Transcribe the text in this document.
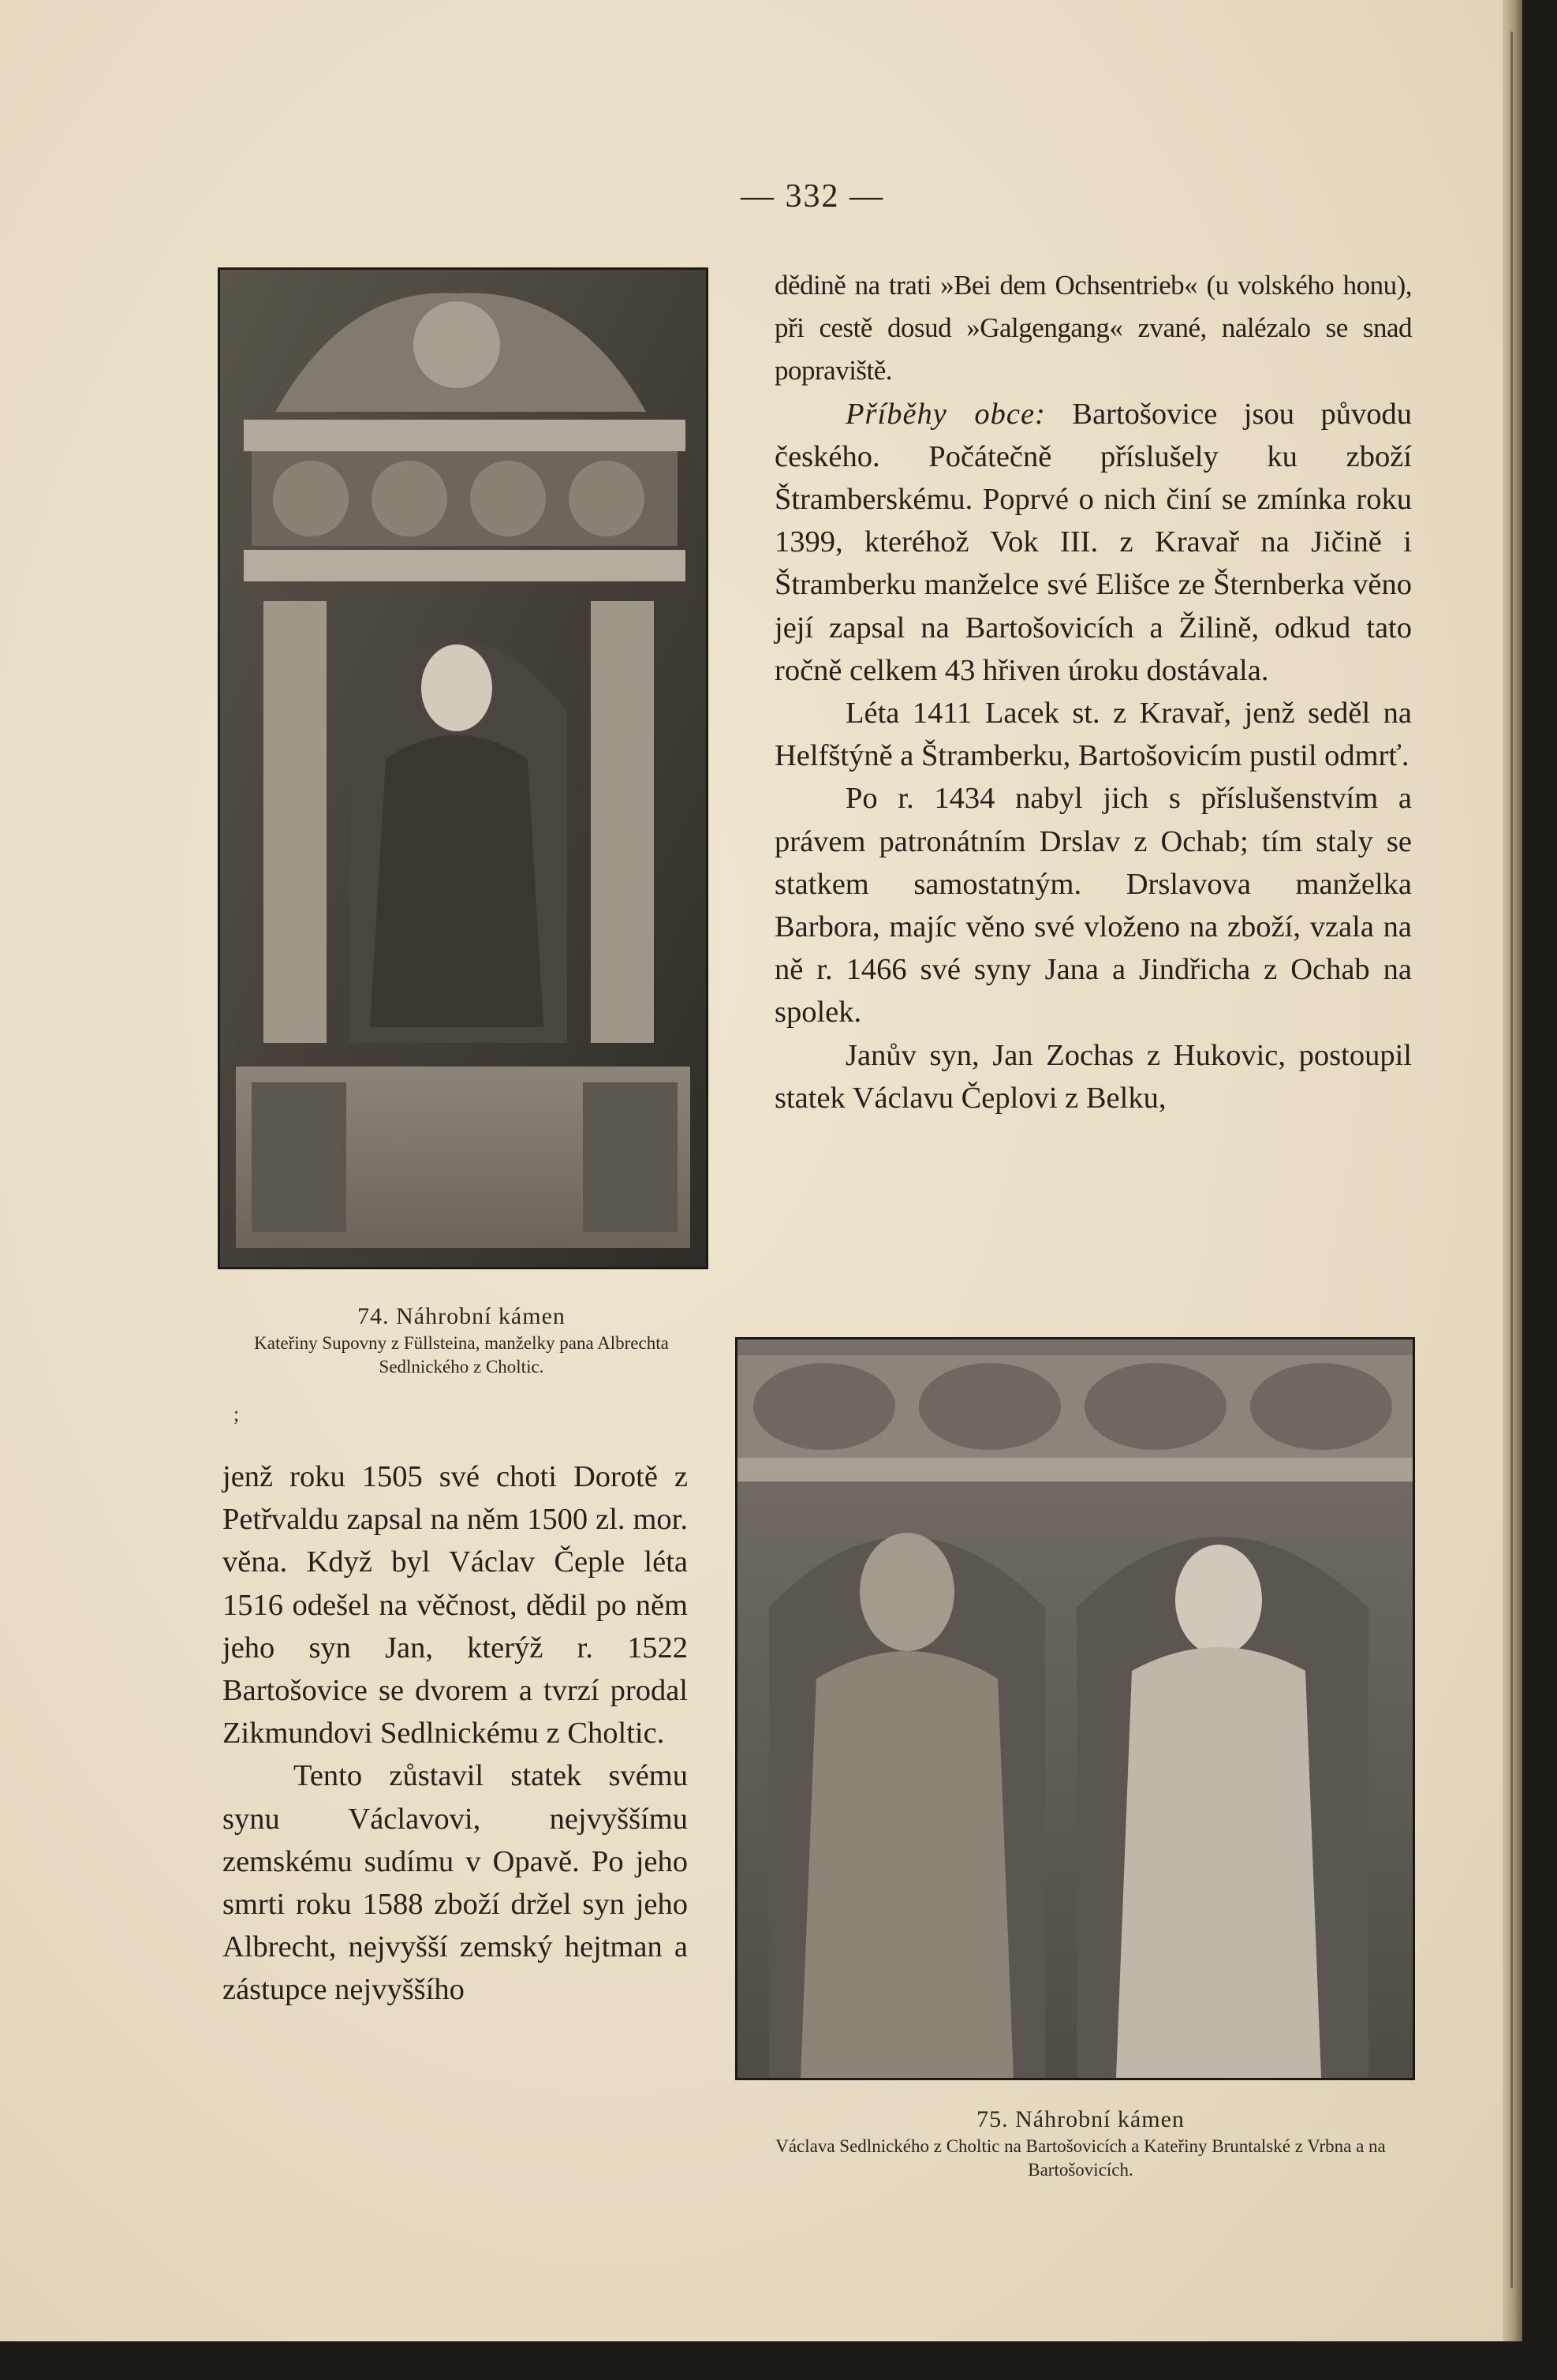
— 332 —
74. Náhrobní kámen
Kateřiny Supovny z Füllsteina, manželky pana Albrechta Sedlnického z Choltic.
;

dědině na trati »Bei dem Ochsentrieb« (u volského honu), při cestě dosud »Galgengang« zvané, nalézalo se snad popraviště.

Příběhy obce: Bartošovice jsou původu českého. Počátečně příslušely ku zboží Štramberskému. Poprvé o nich činí se zmínka roku 1399, kteréhož Vok III. z Kravař na Jičině i Štramberku manželce své Elišce ze Šternberka věno její zapsal na Bartošovicích a Žilině, odkud tato ročně celkem 43 hřiven úroku dostávala.

Léta 1411 Lacek st. z Kravař, jenž seděl na Helfštýně a Štramberku, Bartošovicím pustil odmrť.

Po r. 1434 nabyl jich s příslušenstvím a právem patronátním Drslav z Ochab; tím staly se statkem samostatným. Drslavova manželka Barbora, majíc věno své vloženo na zboží, vzala na ně r. 1466 své syny Jana a Jindřicha z Ochab na spolek.

Janův syn, Jan Zochas z Hukovic, postoupil statek Václavu Čeplovi z Belku,

75. Náhrobní kámen
Václava Sedlnického z Choltic na Bartošovicích a Kateřiny Bruntalské z Vrbna a na Bartošovicích.

jenž roku 1505 své choti Dorotě z Petřvaldu zapsal na něm 1500 zl. mor. věna. Když byl Václav Čeple léta 1516 odešel na věčnost, dědil po něm jeho syn Jan, kterýž r. 1522 Bartošovice se dvorem a tvrzí prodal Zikmundovi Sedlnickému z Choltic.

Tento zůstavil statek svému synu Václavovi, nejvyššímu zemskému sudímu v Opavě. Po jeho smrti roku 1588 zboží držel syn jeho Albrecht, nejvyšší zemský hejtman a zástupce nejvyššího
